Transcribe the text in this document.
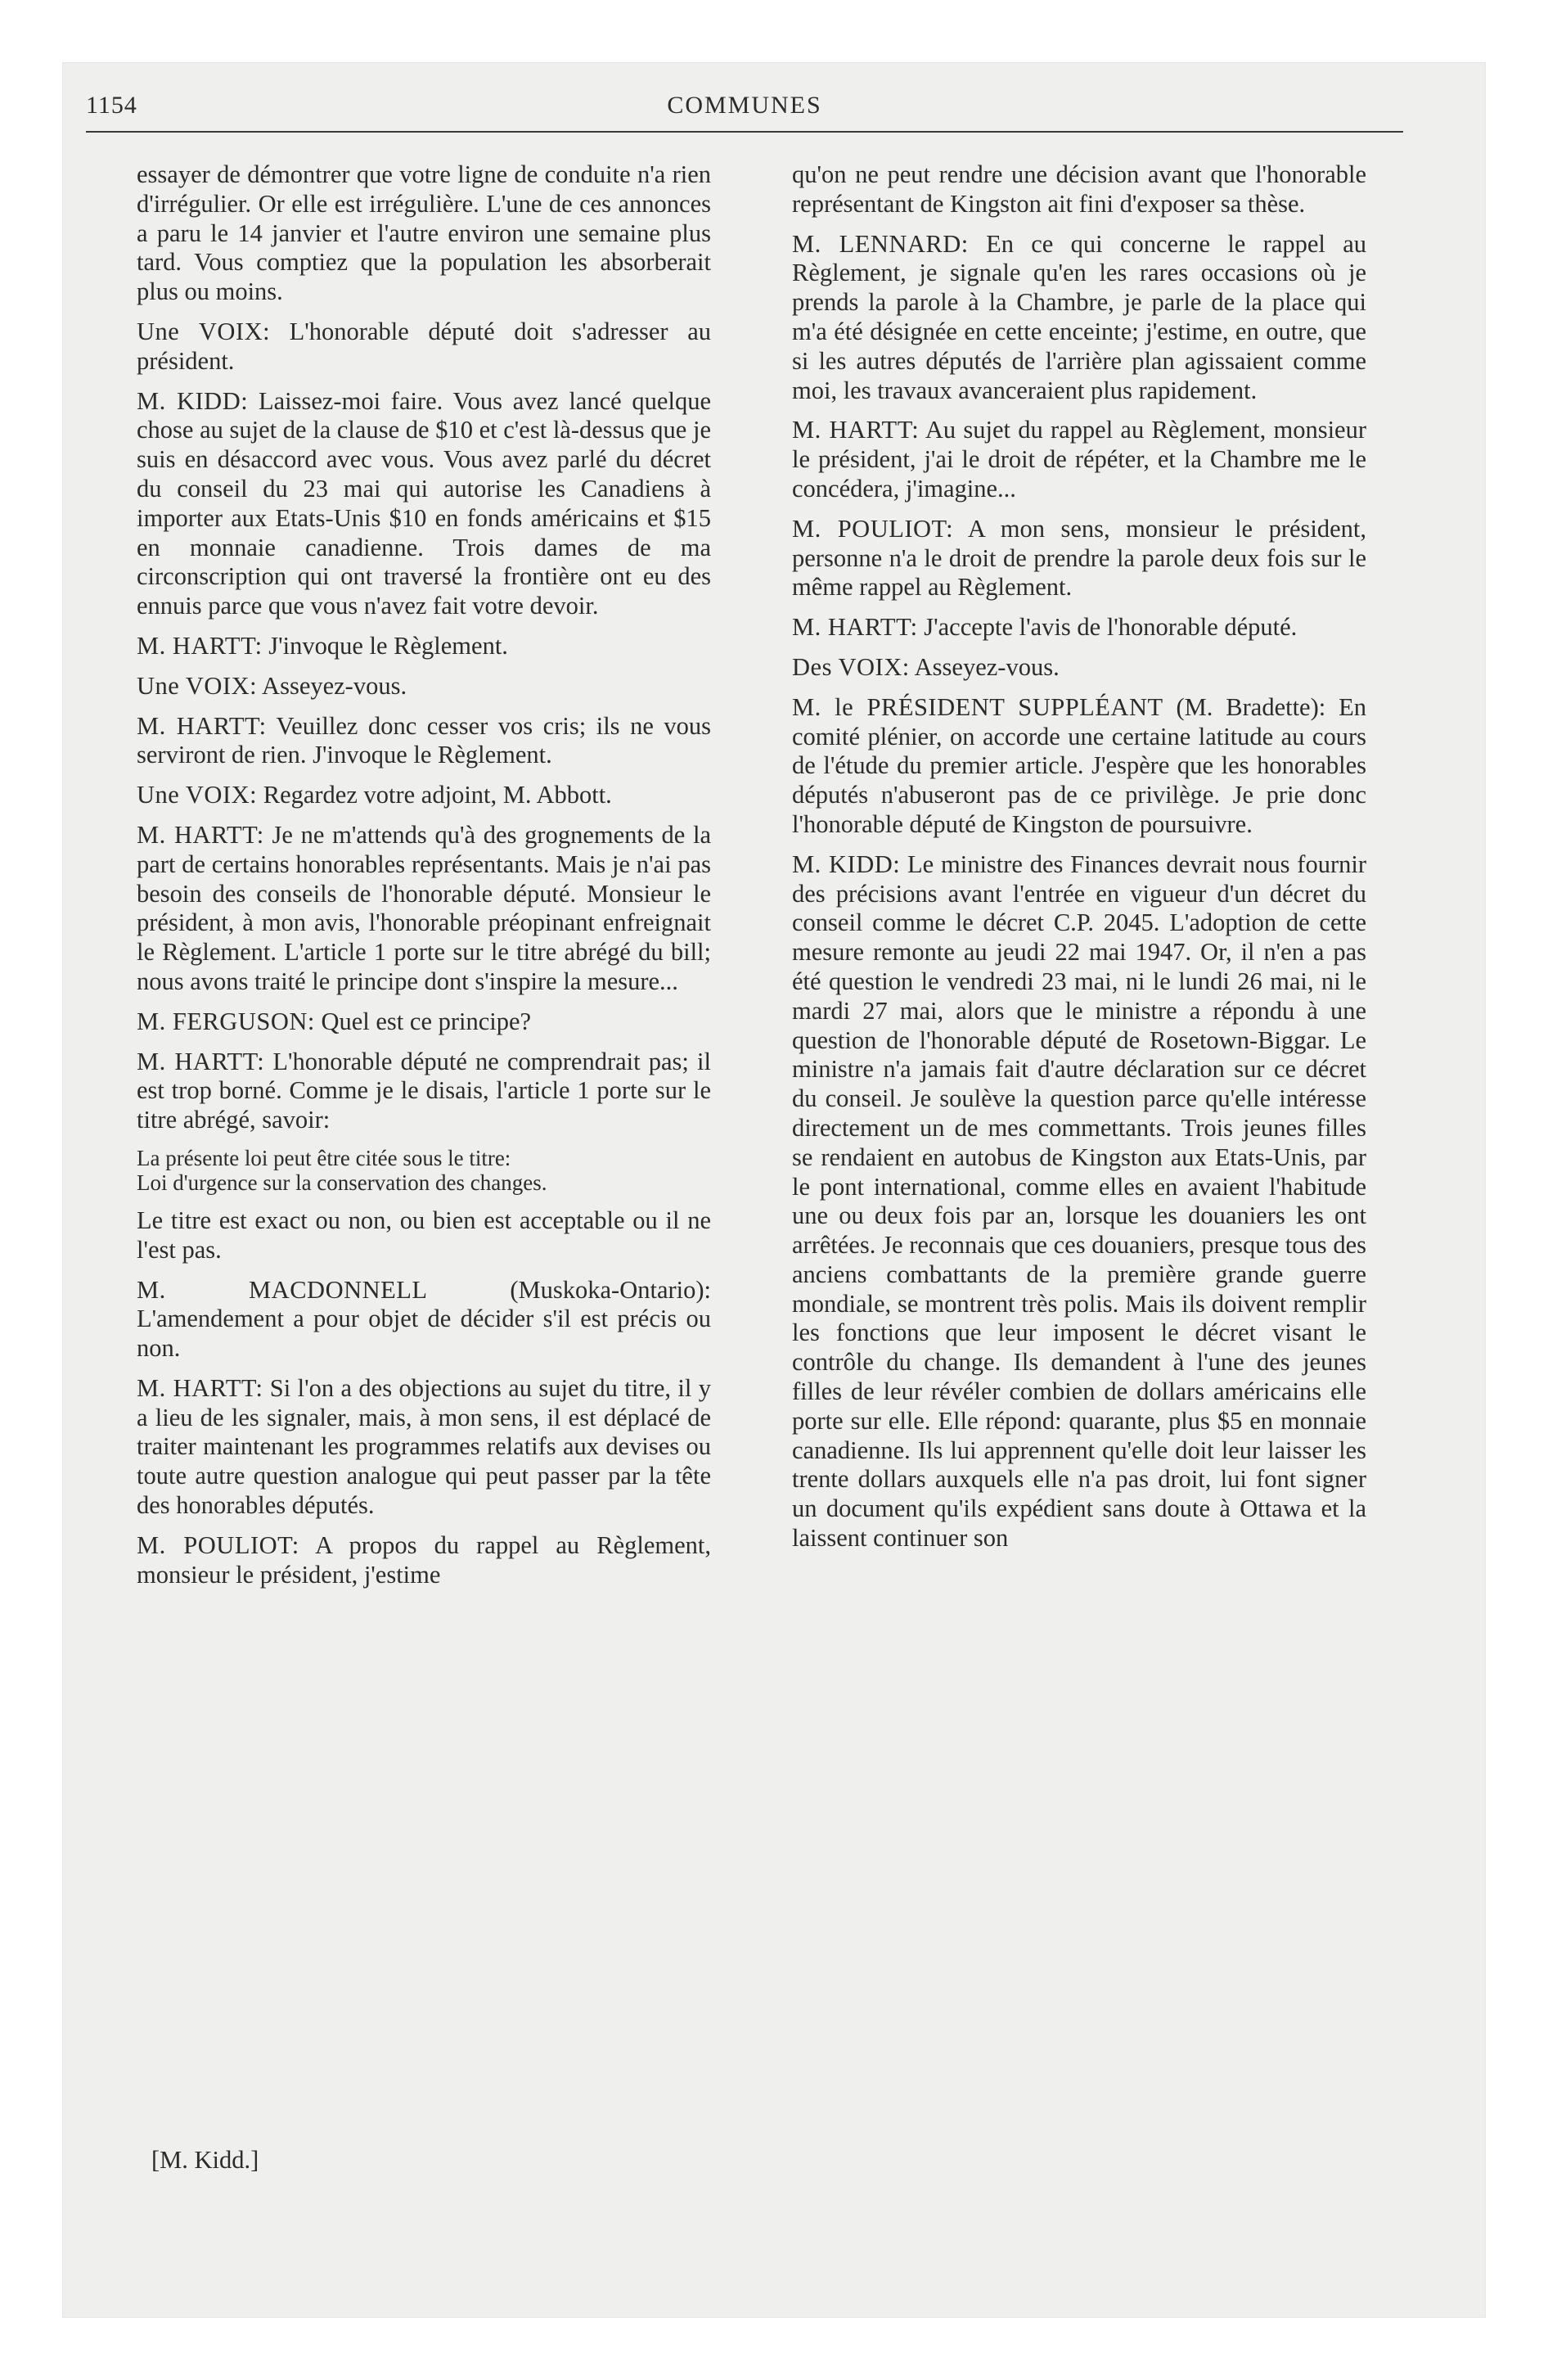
1154	COMMUNES

essayer de démontrer que votre ligne de conduite n'a rien d'irrégulier. Or elle est irrégulière. L'une de ces annonces a paru le 14 janvier et l'autre environ une semaine plus tard. Vous comptiez que la population les absorberait plus ou moins.

Une VOIX: L'honorable député doit s'adresser au président.

M. KIDD: Laissez-moi faire. Vous avez lancé quelque chose au sujet de la clause de $10 et c'est là-dessus que je suis en désaccord avec vous. Vous avez parlé du décret du conseil du 23 mai qui autorise les Canadiens à importer aux Etats-Unis $10 en fonds américains et $15 en monnaie canadienne. Trois dames de ma circonscription qui ont traversé la frontière ont eu des ennuis parce que vous n'avez fait votre devoir.

M. HARTT: J'invoque le Règlement.

Une VOIX: Asseyez-vous.

M. HARTT: Veuillez donc cesser vos cris; ils ne vous serviront de rien. J'invoque le Règlement.

Une VOIX: Regardez votre adjoint, M. Abbott.

M. HARTT: Je ne m'attends qu'à des grognements de la part de certains honorables représentants. Mais je n'ai pas besoin des conseils de l'honorable député. Monsieur le président, à mon avis, l'honorable préopinant enfreignait le Règlement. L'article 1 porte sur le titre abrégé du bill; nous avons traité le principe dont s'inspire la mesure...

M. FERGUSON: Quel est ce principe?

M. HARTT: L'honorable député ne comprendrait pas; il est trop borné. Comme je le disais, l'article 1 porte sur le titre abrégé, savoir:

La présente loi peut être citée sous le titre:
Loi d'urgence sur la conservation des changes.

Le titre est exact ou non, ou bien est acceptable ou il ne l'est pas.

M. MACDONNELL (Muskoka-Ontario): L'amendement a pour objet de décider s'il est précis ou non.

M. HARTT: Si l'on a des objections au sujet du titre, il y a lieu de les signaler, mais, à mon sens, il est déplacé de traiter maintenant les programmes relatifs aux devises ou toute autre question analogue qui peut passer par la tête des honorables députés.

M. POULIOT: A propos du rappel au Règlement, monsieur le président, j'estime

qu'on ne peut rendre une décision avant que l'honorable représentant de Kingston ait fini d'exposer sa thèse.

M. LENNARD: En ce qui concerne le rappel au Règlement, je signale qu'en les rares occasions où je prends la parole à la Chambre, je parle de la place qui m'a été désignée en cette enceinte; j'estime, en outre, que si les autres députés de l'arrière plan agissaient comme moi, les travaux avanceraient plus rapidement.

M. HARTT: Au sujet du rappel au Règlement, monsieur le président, j'ai le droit de répéter, et la Chambre me le concédera, j'imagine...

M. POULIOT: A mon sens, monsieur le président, personne n'a le droit de prendre la parole deux fois sur le même rappel au Règlement.

M. HARTT: J'accepte l'avis de l'honorable député.

Des VOIX: Asseyez-vous.

M. le PRÉSIDENT SUPPLÉANT (M. Bradette): En comité plénier, on accorde une certaine latitude au cours de l'étude du premier article. J'espère que les honorables députés n'abuseront pas de ce privilège. Je prie donc l'honorable député de Kingston de poursuivre.

M. KIDD: Le ministre des Finances devrait nous fournir des précisions avant l'entrée en vigueur d'un décret du conseil comme le décret C.P. 2045. L'adoption de cette mesure remonte au jeudi 22 mai 1947. Or, il n'en a pas été question le vendredi 23 mai, ni le lundi 26 mai, ni le mardi 27 mai, alors que le ministre a répondu à une question de l'honorable député de Rosetown-Biggar. Le ministre n'a jamais fait d'autre déclaration sur ce décret du conseil. Je soulève la question parce qu'elle intéresse directement un de mes commettants. Trois jeunes filles se rendaient en autobus de Kingston aux Etats-Unis, par le pont international, comme elles en avaient l'habitude une ou deux fois par an, lorsque les douaniers les ont arrêtées. Je reconnais que ces douaniers, presque tous des anciens combattants de la première grande guerre mondiale, se montrent très polis. Mais ils doivent remplir les fonctions que leur imposent le décret visant le contrôle du change. Ils demandent à l'une des jeunes filles de leur révéler combien de dollars américains elle porte sur elle. Elle répond: quarante, plus $5 en monnaie canadienne. Ils lui apprennent qu'elle doit leur laisser les trente dollars auxquels elle n'a pas droit, lui font signer un document qu'ils expédient sans doute à Ottawa et la laissent continuer son

[M. Kidd.]
